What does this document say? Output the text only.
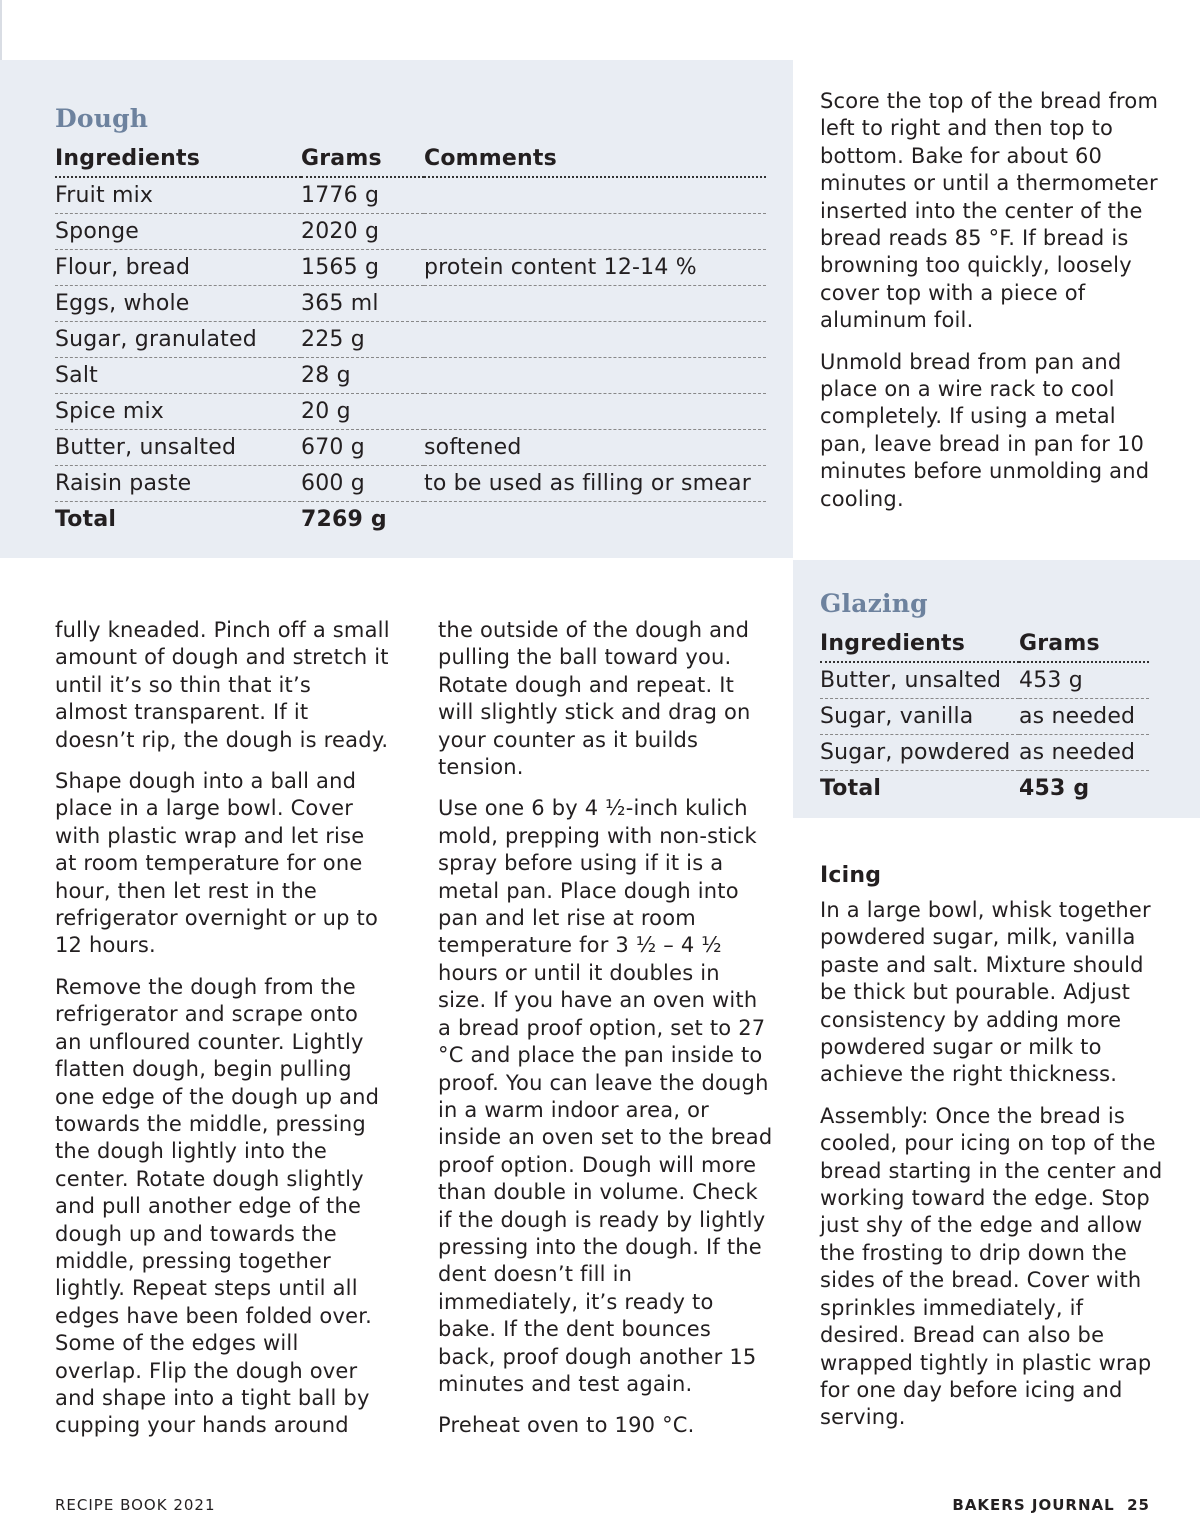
Dough
Ingredients	Grams	Comments
Fruit mix	1776 g	
Sponge	2020 g	
Flour, bread	1565 g	protein content 12-14 %
Eggs, whole	365 ml	
Sugar, granulated	225 g	
Salt	28 g	
Spice mix	20 g	
Butter, unsalted	670 g	softened
Raisin paste	600 g	to be used as filling or smear
Total	7269 g	

Score the top of the bread from left to right and then top to bottom. Bake for about 60 minutes or until a thermometer inserted into the center of the bread reads 85 °F. If bread is browning too quickly, loosely cover top with a piece of aluminum foil.

Unmold bread from pan and place on a wire rack to cool completely. If using a metal pan, leave bread in pan for 10 minutes before unmolding and cooling.

fully kneaded. Pinch off a small amount of dough and stretch it until it’s so thin that it’s almost transparent. If it doesn’t rip, the dough is ready.

Shape dough into a ball and place in a large bowl. Cover with plastic wrap and let rise at room temperature for one hour, then let rest in the refrigerator overnight or up to 12 hours.

Remove the dough from the refrigerator and scrape onto an unfloured counter. Lightly flatten dough, begin pulling one edge of the dough up and towards the middle, pressing the dough lightly into the center. Rotate dough slightly and pull another edge of the dough up and towards the middle, pressing together lightly. Repeat steps until all edges have been folded over. Some of the edges will overlap. Flip the dough over and shape into a tight ball by cupping your hands around

the outside of the dough and pulling the ball toward you. Rotate dough and repeat. It will slightly stick and drag on your counter as it builds tension.

Use one 6 by 4 ½-inch kulich mold, prepping with non-stick spray before using if it is a metal pan. Place dough into pan and let rise at room temperature for 3 ½ – 4 ½ hours or until it doubles in size. If you have an oven with a bread proof option, set to 27 °C and place the pan inside to proof. You can leave the dough in a warm indoor area, or inside an oven set to the bread proof option. Dough will more than double in volume. Check if the dough is ready by lightly pressing into the dough. If the dent doesn’t fill in immediately, it’s ready to bake. If the dent bounces back, proof dough another 15 minutes and test again.

Preheat oven to 190 °C.

Glazing
Ingredients	Grams
Butter, unsalted	453 g
Sugar, vanilla	as needed
Sugar, powdered	as needed
Total	453 g
Icing

In a large bowl, whisk together powdered sugar, milk, vanilla paste and salt. Mixture should be thick but pourable. Adjust consistency by adding more powdered sugar or milk to achieve the right thickness.

Assembly: Once the bread is cooled, pour icing on top of the bread starting in the center and working toward the edge. Stop just shy of the edge and allow the frosting to drip down the sides of the bread. Cover with sprinkles immediately, if desired. Bread can also be wrapped tightly in plastic wrap for one day before icing and serving.

RECIPE BOOK 2021	BAKERS JOURNAL 25
